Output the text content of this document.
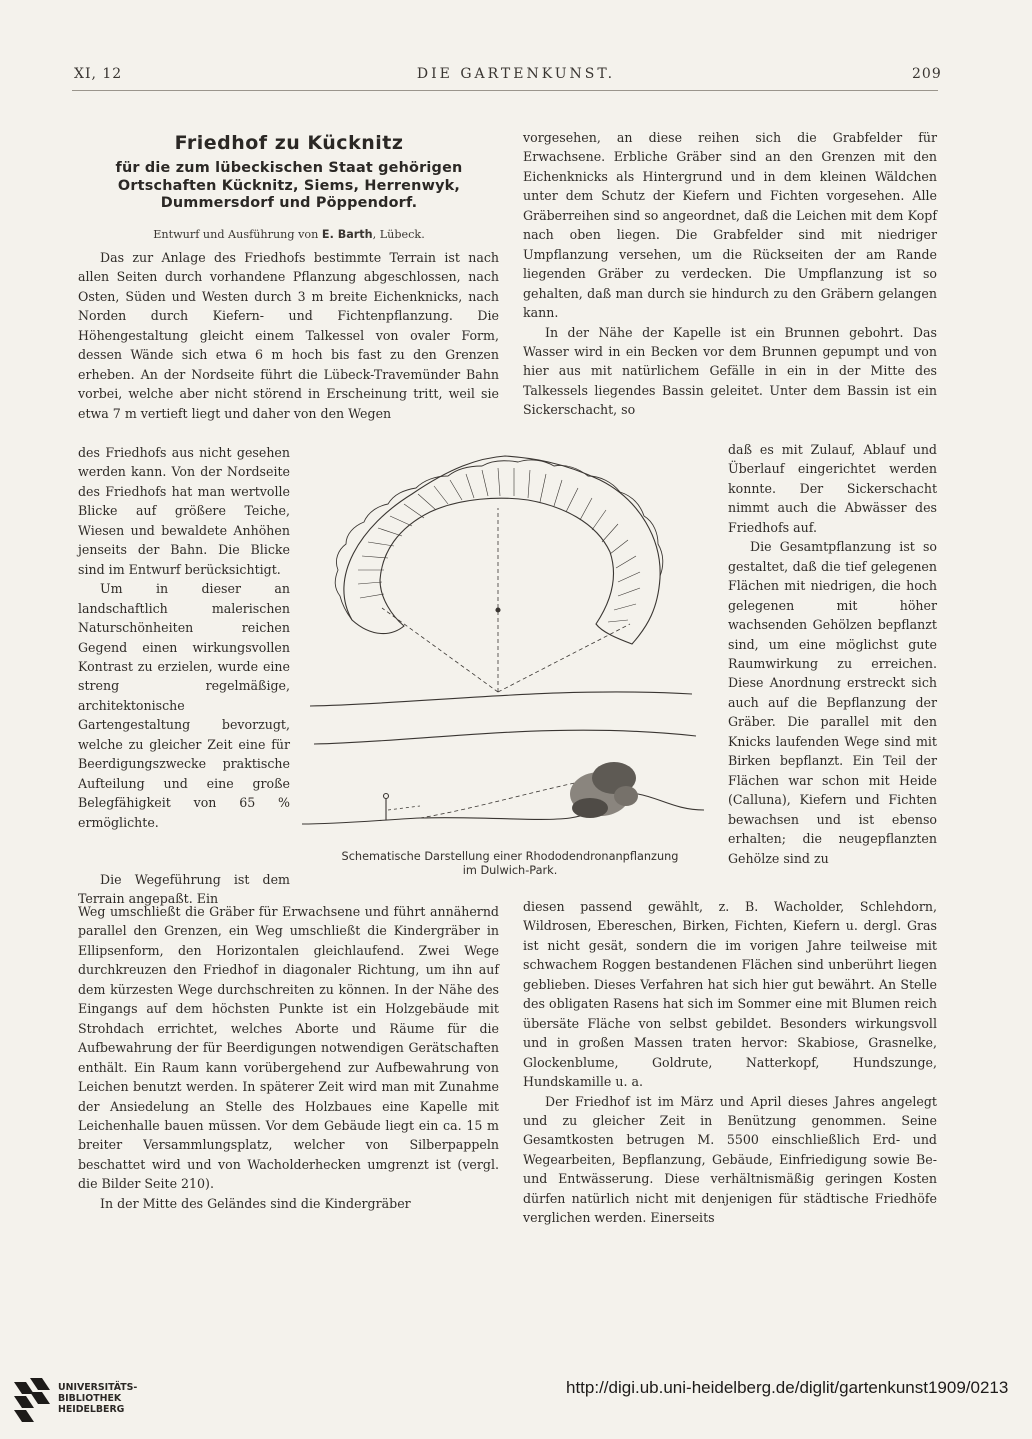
XI, 12	DIE GARTENKUNST.	209
Friedhof zu Kücknitz
für die zum lübeckischen Staat gehörigen Ortschaften Kücknitz, Siems, Herrenwyk, Dummersdorf und Pöppendorf.
Entwurf und Ausführung von E. Barth, Lübeck.

Das zur Anlage des Friedhofs bestimmte Terrain ist nach allen Seiten durch vorhandene Pflanzung abgeschlossen, nach Osten, Süden und Westen durch 3 m breite Eichenknicks, nach Norden durch Kiefern- und Fichtenpflanzung. Die Höhengestaltung gleicht einem Talkessel von ovaler Form, dessen Wände sich etwa 6 m hoch bis fast zu den Grenzen erheben. An der Nordseite führt die Lübeck-Travemünder Bahn vorbei, welche aber nicht störend in Erscheinung tritt, weil sie etwa 7 m vertieft liegt und daher von den Wegen

des Friedhofs aus nicht gesehen werden kann. Von der Nordseite des Friedhofs hat man wertvolle Blicke auf größere Teiche, Wiesen und bewaldete Anhöhen jenseits der Bahn. Die Blicke sind im Entwurf berücksichtigt.

Um in dieser an landschaftlich malerischen Naturschönheiten reichen Gegend einen wirkungsvollen Kontrast zu erzielen, wurde eine streng regelmäßige, architektonische Gartengestaltung bevorzugt, welche zu gleicher Zeit eine für Beerdigungszwecke praktische Aufteilung und eine große Belegfähigkeit von 65 % ermöglichte.

Die Wegeführung ist dem Terrain angepaßt. Ein

Weg umschließt die Gräber für Erwachsene und führt annähernd parallel den Grenzen, ein Weg umschließt die Kindergräber in Ellipsenform, den Horizontalen gleichlaufend. Zwei Wege durchkreuzen den Friedhof in diagonaler Richtung, um ihn auf dem kürzesten Wege durchschreiten zu können. In der Nähe des Eingangs auf dem höchsten Punkte ist ein Holzgebäude mit Strohdach errichtet, welches Aborte und Räume für die Aufbewahrung der für Beerdigungen notwendigen Gerätschaften enthält. Ein Raum kann vorübergehend zur Aufbewahrung von Leichen benutzt werden. In späterer Zeit wird man mit Zunahme der Ansiedelung an Stelle des Holzbaues eine Kapelle mit Leichenhalle bauen müssen. Vor dem Gebäude liegt ein ca. 15 m breiter Versammlungsplatz, welcher von Silberpappeln beschattet wird und von Wacholderhecken umgrenzt ist (vergl. die Bilder Seite 210).

In der Mitte des Geländes sind die Kindergräber

vorgesehen, an diese reihen sich die Grabfelder für Erwachsene. Erbliche Gräber sind an den Grenzen mit den Eichenknicks als Hintergrund und in dem kleinen Wäldchen unter dem Schutz der Kiefern und Fichten vorgesehen. Alle Gräberreihen sind so angeordnet, daß die Leichen mit dem Kopf nach oben liegen. Die Grabfelder sind mit niedriger Umpflanzung versehen, um die Rückseiten der am Rande liegenden Gräber zu verdecken. Die Umpflanzung ist so gehalten, daß man durch sie hindurch zu den Gräbern gelangen kann.

In der Nähe der Kapelle ist ein Brunnen gebohrt. Das Wasser wird in ein Becken vor dem Brunnen gepumpt und von hier aus mit natürlichem Gefälle in ein in der Mitte des Talkessels liegendes Bassin geleitet. Unter dem Bassin ist ein Sickerschacht, so

daß es mit Zulauf, Ablauf und Überlauf eingerichtet werden konnte. Der Sickerschacht nimmt auch die Abwässer des Friedhofs auf.

Die Gesamtpflanzung ist so gestaltet, daß die tief gelegenen Flächen mit niedrigen, die hoch gelegenen mit höher wachsenden Gehölzen bepflanzt sind, um eine möglichst gute Raumwirkung zu erreichen. Diese Anordnung erstreckt sich auch auf die Bepflanzung der Gräber. Die parallel mit den Knicks laufenden Wege sind mit Birken bepflanzt. Ein Teil der Flächen war schon mit Heide (Calluna), Kiefern und Fichten bewachsen und ist ebenso erhalten; die neugepflanzten Gehölze sind zu

diesen passend gewählt, z. B. Wacholder, Schlehdorn, Wildrosen, Ebereschen, Birken, Fichten, Kiefern u. dergl. Gras ist nicht gesät, sondern die im vorigen Jahre teilweise mit schwachem Roggen bestandenen Flächen sind unberührt liegen geblieben. Dieses Verfahren hat sich hier gut bewährt. An Stelle des obligaten Rasens hat sich im Sommer eine mit Blumen reich übersäte Fläche von selbst gebildet. Besonders wirkungsvoll und in großen Massen traten hervor: Skabiose, Grasnelke, Glockenblume, Goldrute, Natterkopf, Hundszunge, Hundskamille u. a.

Der Friedhof ist im März und April dieses Jahres angelegt und zu gleicher Zeit in Benützung genommen. Seine Gesamtkosten betrugen M. 5500 einschließlich Erd- und Wegearbeiten, Bepflanzung, Gebäude, Einfriedigung sowie Be- und Entwässerung. Diese verhältnismäßig geringen Kosten dürfen natürlich nicht mit denjenigen für städtische Friedhöfe verglichen werden. Einerseits

Schematische Darstellung einer Rhododendronanpflanzung
im Dulwich-Park.
UNIVERSITÄTS-
BIBLIOTHEK
HEIDELBERG
http://digi.ub.uni-heidelberg.de/diglit/gartenkunst1909/0213
